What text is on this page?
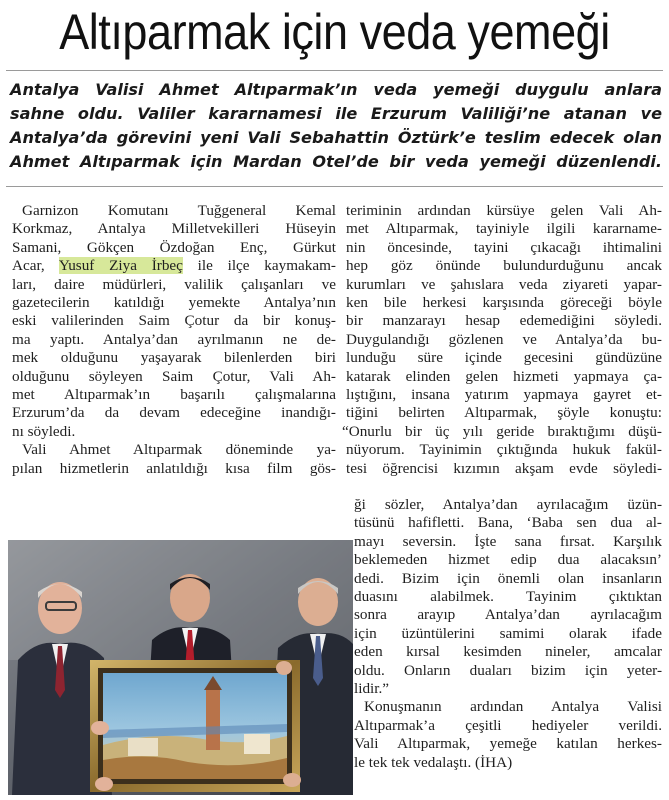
Altıparmak için veda yemeği

Antalya Valisi Ahmet Altıparmak’ın veda yemeği duygulu anlara
sahne oldu. Valiler kararnamesi ile Erzurum Valiliği’ne atanan ve
Antalya’da görevini yeni Vali Sebahattin Öztürk’e teslim edecek olan
Ahmet Altıparmak için Mardan Otel’de bir veda yemeği düzenlendi.

Garnizon Komutanı Tuğgeneral Kemal
Korkmaz, Antalya Milletvekilleri Hüseyin
Samani, Gökçen Özdoğan Enç, Gürkut
Acar, Yusuf Ziya İrbeç ile ilçe kaymakam-
ları, daire müdürleri, valilik çalışanları ve
gazetecilerin katıldığı yemekte Antalya’nın
eski valilerinden Saim Çotur da bir konuş-
ma yaptı. Antalya’dan ayrılmanın ne de-
mek olduğunu yaşayarak bilenlerden biri
olduğunu söyleyen Saim Çotur, Vali Ah-
met Altıparmak’ın başarılı çalışmalarına
Erzurum’da da devam edeceğine inandığı-
nı söyledi.
Vali Ahmet Altıparmak döneminde ya-
pılan hizmetlerin anlatıldığı kısa film gös-
teriminin ardından kürsüye gelen Vali Ah-
met Altıparmak, tayiniyle ilgili kararname-
nin öncesinde, tayini çıkacağı ihtimalini
hep göz önünde bulundurduğunu ancak
kurumları ve şahıslara veda ziyareti yapar-
ken bile herkesi karşısında göreceği böyle
bir manzarayı hesap edemediğini söyledi.
Duygulandığı gözlenen ve Antalya’da bu-
lunduğu süre içinde gecesini gündüzüne
katarak elinden gelen hizmeti yapmaya ça-
lıştığını, insana yatırım yapmaya gayret et-
tiğini belirten Altıparmak, şöyle konuştu:
“Onurlu bir üç yılı geride bıraktığımı düşü-
nüyorum. Tayinimin çıktığında hukuk fakül-
tesi öğrencisi kızımın akşam evde söyledi-
ği sözler, Antalya’dan ayrılacağım üzün-
tüsünü hafifletti. Bana, ‘Baba sen dua al-
mayı seversin. İşte sana fırsat. Karşılık
beklemeden hizmet edip dua alacaksın’
dedi. Bizim için önemli olan insanların
duasını alabilmek. Tayinim çıktıktan
sonra arayıp Antalya’dan ayrılacağım
için üzüntülerini samimi olarak ifade
eden kırsal kesimden nineler, amcalar
oldu. Onların duaları bizim için yeter-
lidir.”
Konuşmanın ardından Antalya Valisi
Altıparmak’a çeşitli hediyeler verildi.
Vali Altıparmak, yemeğe katılan herkes-
le tek tek vedalaştı. (İHA)
